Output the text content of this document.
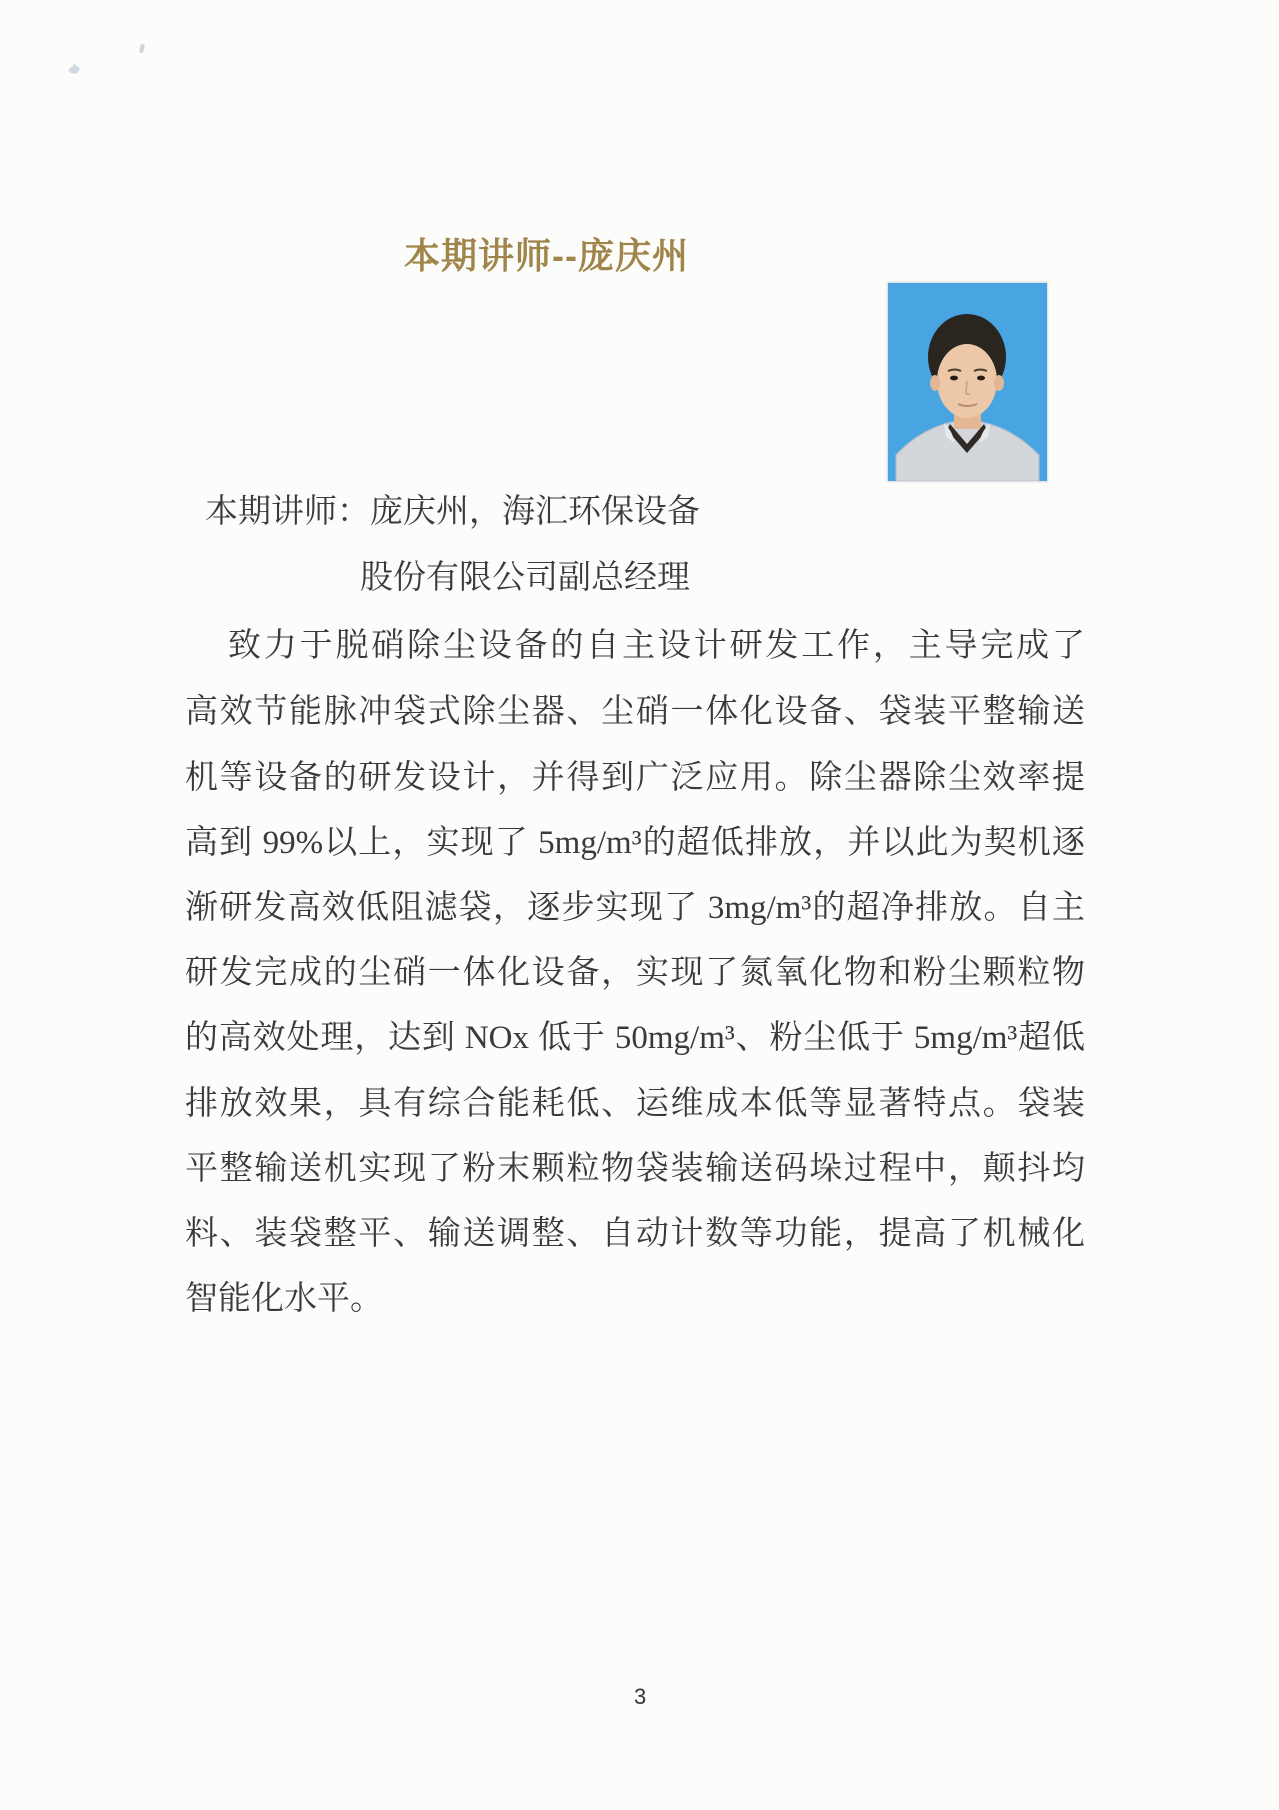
本期讲师--庞庆州
本期讲师：庞庆州，海汇环保设备
股份有限公司副总经理
致力于脱硝除尘设备的自主设计研发工作，主导完成了
高效节能脉冲袋式除尘器、尘硝一体化设备、袋装平整输送
机等设备的研发设计，并得到广泛应用。除尘器除尘效率提
高到 99%以上，实现了 5mg/m³的超低排放，并以此为契机逐
渐研发高效低阻滤袋，逐步实现了 3mg/m³的超净排放。自主
研发完成的尘硝一体化设备，实现了氮氧化物和粉尘颗粒物
的高效处理，达到 NOx 低于 50mg/m³、粉尘低于 5mg/m³超低
排放效果，具有综合能耗低、运维成本低等显著特点。袋装
平整输送机实现了粉末颗粒物袋装输送码垛过程中，颠抖均
料、装袋整平、输送调整、自动计数等功能，提高了机械化
智能化水平。
3
